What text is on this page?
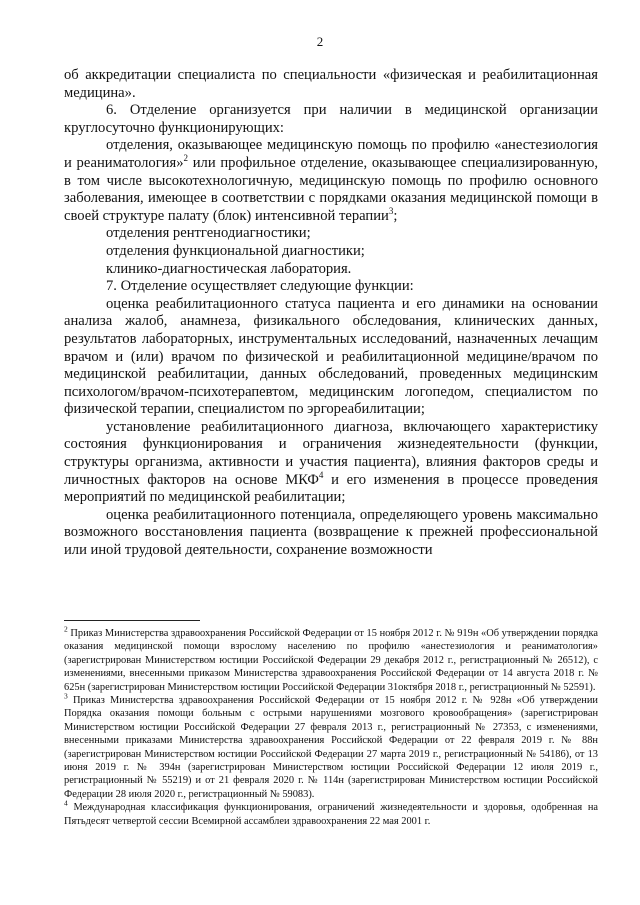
2

об аккредитации специалиста по специальности «физическая и реабилитационная медицина».

6. Отделение организуется при наличии в медицинской организации круглосуточно функционирующих:

отделения, оказывающее медицинскую помощь по профилю «анестезиология и реаниматология»$^2$ или профильное отделение, оказывающее специализированную, в том числе высокотехнологичную, медицинскую помощь по профилю основного заболевания, имеющее в соответствии с порядками оказания медицинской помощи в своей структуре палату (блок) интенсивной терапии$^3$;

отделения рентгенодиагностики;

отделения функциональной диагностики;

клинико-диагностическая лаборатория.

7. Отделение осуществляет следующие функции:

оценка реабилитационного статуса пациента и его динамики на основании анализа жалоб, анамнеза, физикального обследования, клинических данных, результатов лабораторных, инструментальных исследований, назначенных лечащим врачом и (или) врачом по физической и реабилитационной медицине/врачом по медицинской реабилитации, данных обследований, проведенных медицинским психологом/врачом-психотерапевтом, медицинским логопедом, специалистом по физической терапии, специалистом по эргореабилитации;

установление реабилитационного диагноза, включающего характеристику состояния функционирования и ограничения жизнедеятельности (функции, структуры организма, активности и участия пациента), влияния факторов среды и личностных факторов на основе МКФ$^4$ и его изменения в процессе проведения мероприятий по медицинской реабилитации;

оценка реабилитационного потенциала, определяющего уровень максимально возможного восстановления пациента (возвращение к прежней профессиональной или иной трудовой деятельности, сохранение возможности

$^2$ Приказ Министерства здравоохранения Российской Федерации от 15 ноября 2012 г. № 919н «Об утверждении порядка оказания медицинской помощи взрослому населению по профилю «анестезиология и реаниматология» (зарегистрирован Министерством юстиции Российской Федерации 29 декабря 2012 г., регистрационный № 26512), с изменениями, внесенными приказом Министерства здравоохранения Российской Федерации от 14 августа 2018 г. № 625н (зарегистрирован Министерством юстиции Российской Федерации 31октября 2018 г., регистрационный № 52591).

$^3$ Приказ Министерства здравоохранения Российской Федерации от 15 ноября 2012 г. № 928н «Об утверждении Порядка оказания помощи больным с острыми нарушениями мозгового кровообращения» (зарегистрирован Министерством юстиции Российской Федерации 27 февраля 2013 г., регистрационный № 27353, с изменениями, внесенными приказами Министерства здравоохранения Российской Федерации от 22 февраля 2019 г. № 88н (зарегистрирован Министерством юстиции Российской Федерации 27 марта 2019 г., регистрационный № 54186), от 13 июня 2019 г. № 394н (зарегистрирован Министерством юстиции Российской Федерации 12 июля 2019 г., регистрационный № 55219) и от 21 февраля 2020 г. № 114н (зарегистрирован Министерством юстиции Российской Федерации 28 июля 2020 г., регистрационный № 59083).

$^4$ Международная классификация функционирования, ограничений жизнедеятельности и здоровья, одобренная на Пятьдесят четвертой сессии Всемирной ассамблеи здравоохранения 22 мая 2001 г.
